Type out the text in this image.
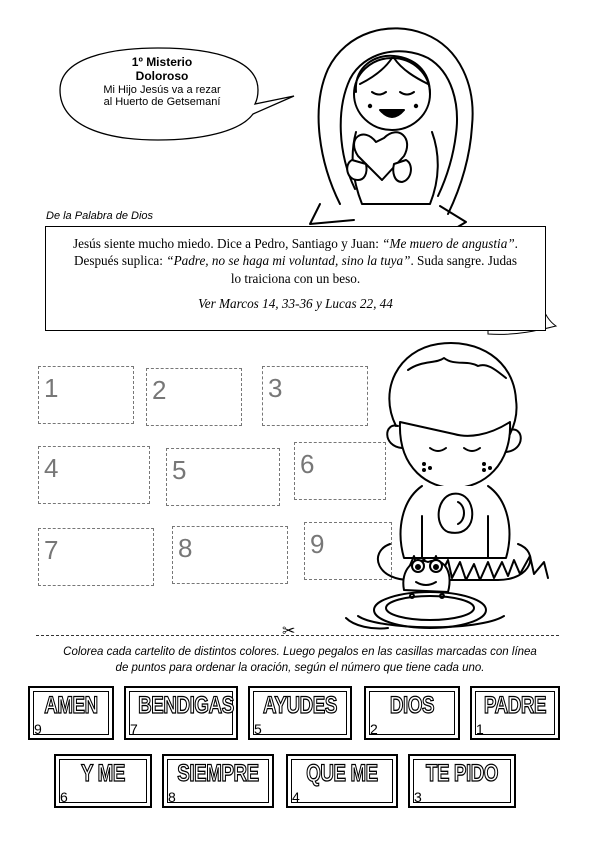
1º Misterio
Doloroso
Mi Hijo Jesús va a rezar
al Huerto de Getsemaní
De la Palabra de Dios
Jesús siente mucho miedo. Dice a Pedro, Santiago y Juan: “Me muero de angustia”.
Después suplica: “Padre, no se haga mi voluntad, sino la tuya”. Suda sangre. Judas
lo traiciona con un beso.
Ver Marcos 14, 33-36 y Lucas 22, 44
1	2	3
4	5	6
7	8	9
✂
Colorea cada cartelito de distintos colores. Luego pegalos en las casillas marcadas con línea
de puntos para ordenar la oración, según el número que tiene cada uno.
AMEN
9
BENDIGAS
7
AYUDES
5
DIOS
2
PADRE
1
Y ME
6
SIEMPRE
8
QUE ME
4
TE PIDO
3
